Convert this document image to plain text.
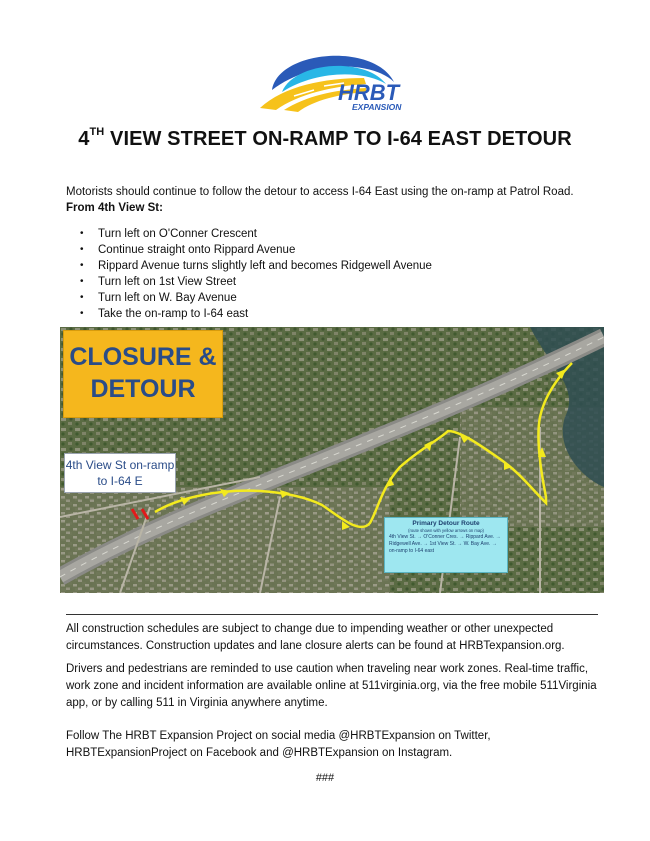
HRBT
EXPANSION
4TH VIEW STREET ON-RAMP TO I-64 EAST DETOUR
Motorists should continue to follow the detour to access I-64 East using the on-ramp at Patrol Road.
From 4th View St:
• Turn left on O'Conner Crescent
• Continue straight onto Rippard Avenue
• Rippard Avenue turns slightly left and becomes Ridgewell Avenue
• Turn left on 1st View Street
• Turn left on W. Bay Avenue
• Take the on-ramp to I-64 east
CLOSURE &
DETOUR
4th View St on-ramp to I-64 E
Primary Detour Route
(route shown with yellow arrows on map)
4th View St. → O'Conner Cres. → Rippard Ave. → Ridgewell Ave. → 1st View St. → W. Bay Ave. → on-ramp to I-64 east
All construction schedules are subject to change due to impending weather or other unexpected circumstances. Construction updates and lane closure alerts can be found at HRBTexpansion.org.
Drivers and pedestrians are reminded to use caution when traveling near work zones. Real-time traffic, work zone and incident information are available online at 511virginia.org, via the free mobile 511Virginia app, or by calling 511 in Virginia anywhere anytime.
Follow The HRBT Expansion Project on social media @HRBTExpansion on Twitter, HRBTExpansionProject on Facebook and @HRBTExpansion on Instagram.
###
